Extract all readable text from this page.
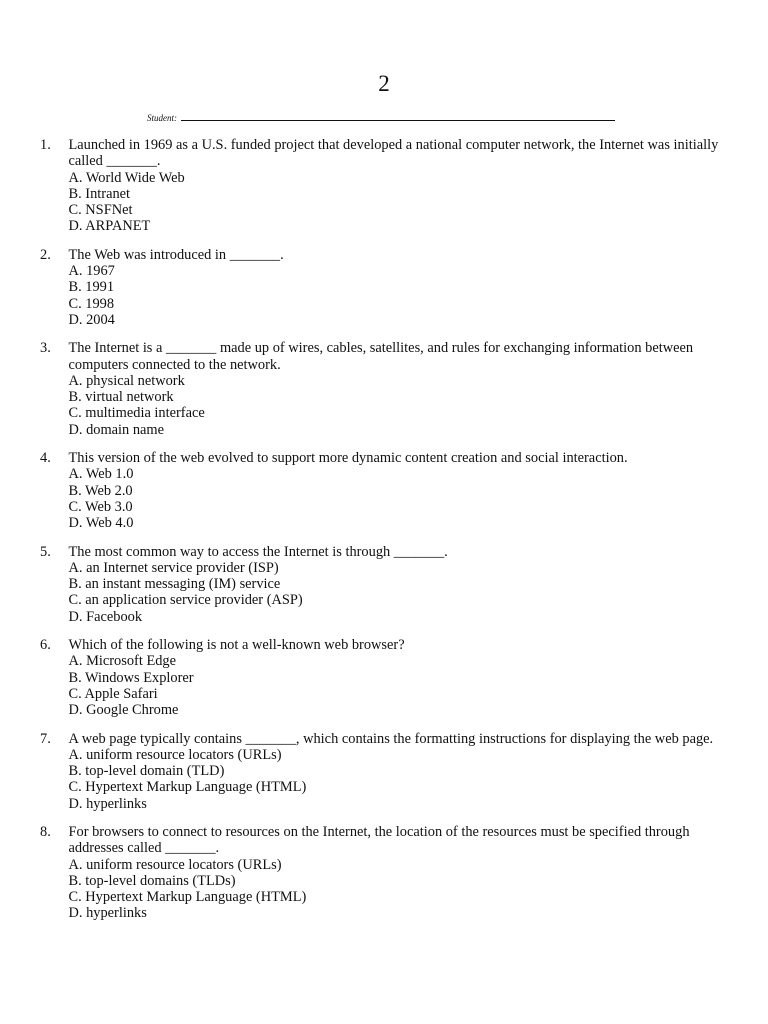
2
Student:
1. Launched in 1969 as a U.S. funded project that developed a national computer network, the Internet was initially called _______.
A. World Wide Web
B. Intranet
C. NSFNet
D. ARPANET
2. The Web was introduced in _______.
A. 1967
B. 1991
C. 1998
D. 2004
3. The Internet is a _______ made up of wires, cables, satellites, and rules for exchanging information between computers connected to the network.
A. physical network
B. virtual network
C. multimedia interface
D. domain name
4. This version of the web evolved to support more dynamic content creation and social interaction.
A. Web 1.0
B. Web 2.0
C. Web 3.0
D. Web 4.0
5. The most common way to access the Internet is through _______.
A. an Internet service provider (ISP)
B. an instant messaging (IM) service
C. an application service provider (ASP)
D. Facebook
6. Which of the following is not a well-known web browser?
A. Microsoft Edge
B. Windows Explorer
C. Apple Safari
D. Google Chrome
7. A web page typically contains _______, which contains the formatting instructions for displaying the web page.
A. uniform resource locators (URLs)
B. top-level domain (TLD)
C. Hypertext Markup Language (HTML)
D. hyperlinks
8. For browsers to connect to resources on the Internet, the location of the resources must be specified through addresses called _______.
A. uniform resource locators (URLs)
B. top-level domains (TLDs)
C. Hypertext Markup Language (HTML)
D. hyperlinks
